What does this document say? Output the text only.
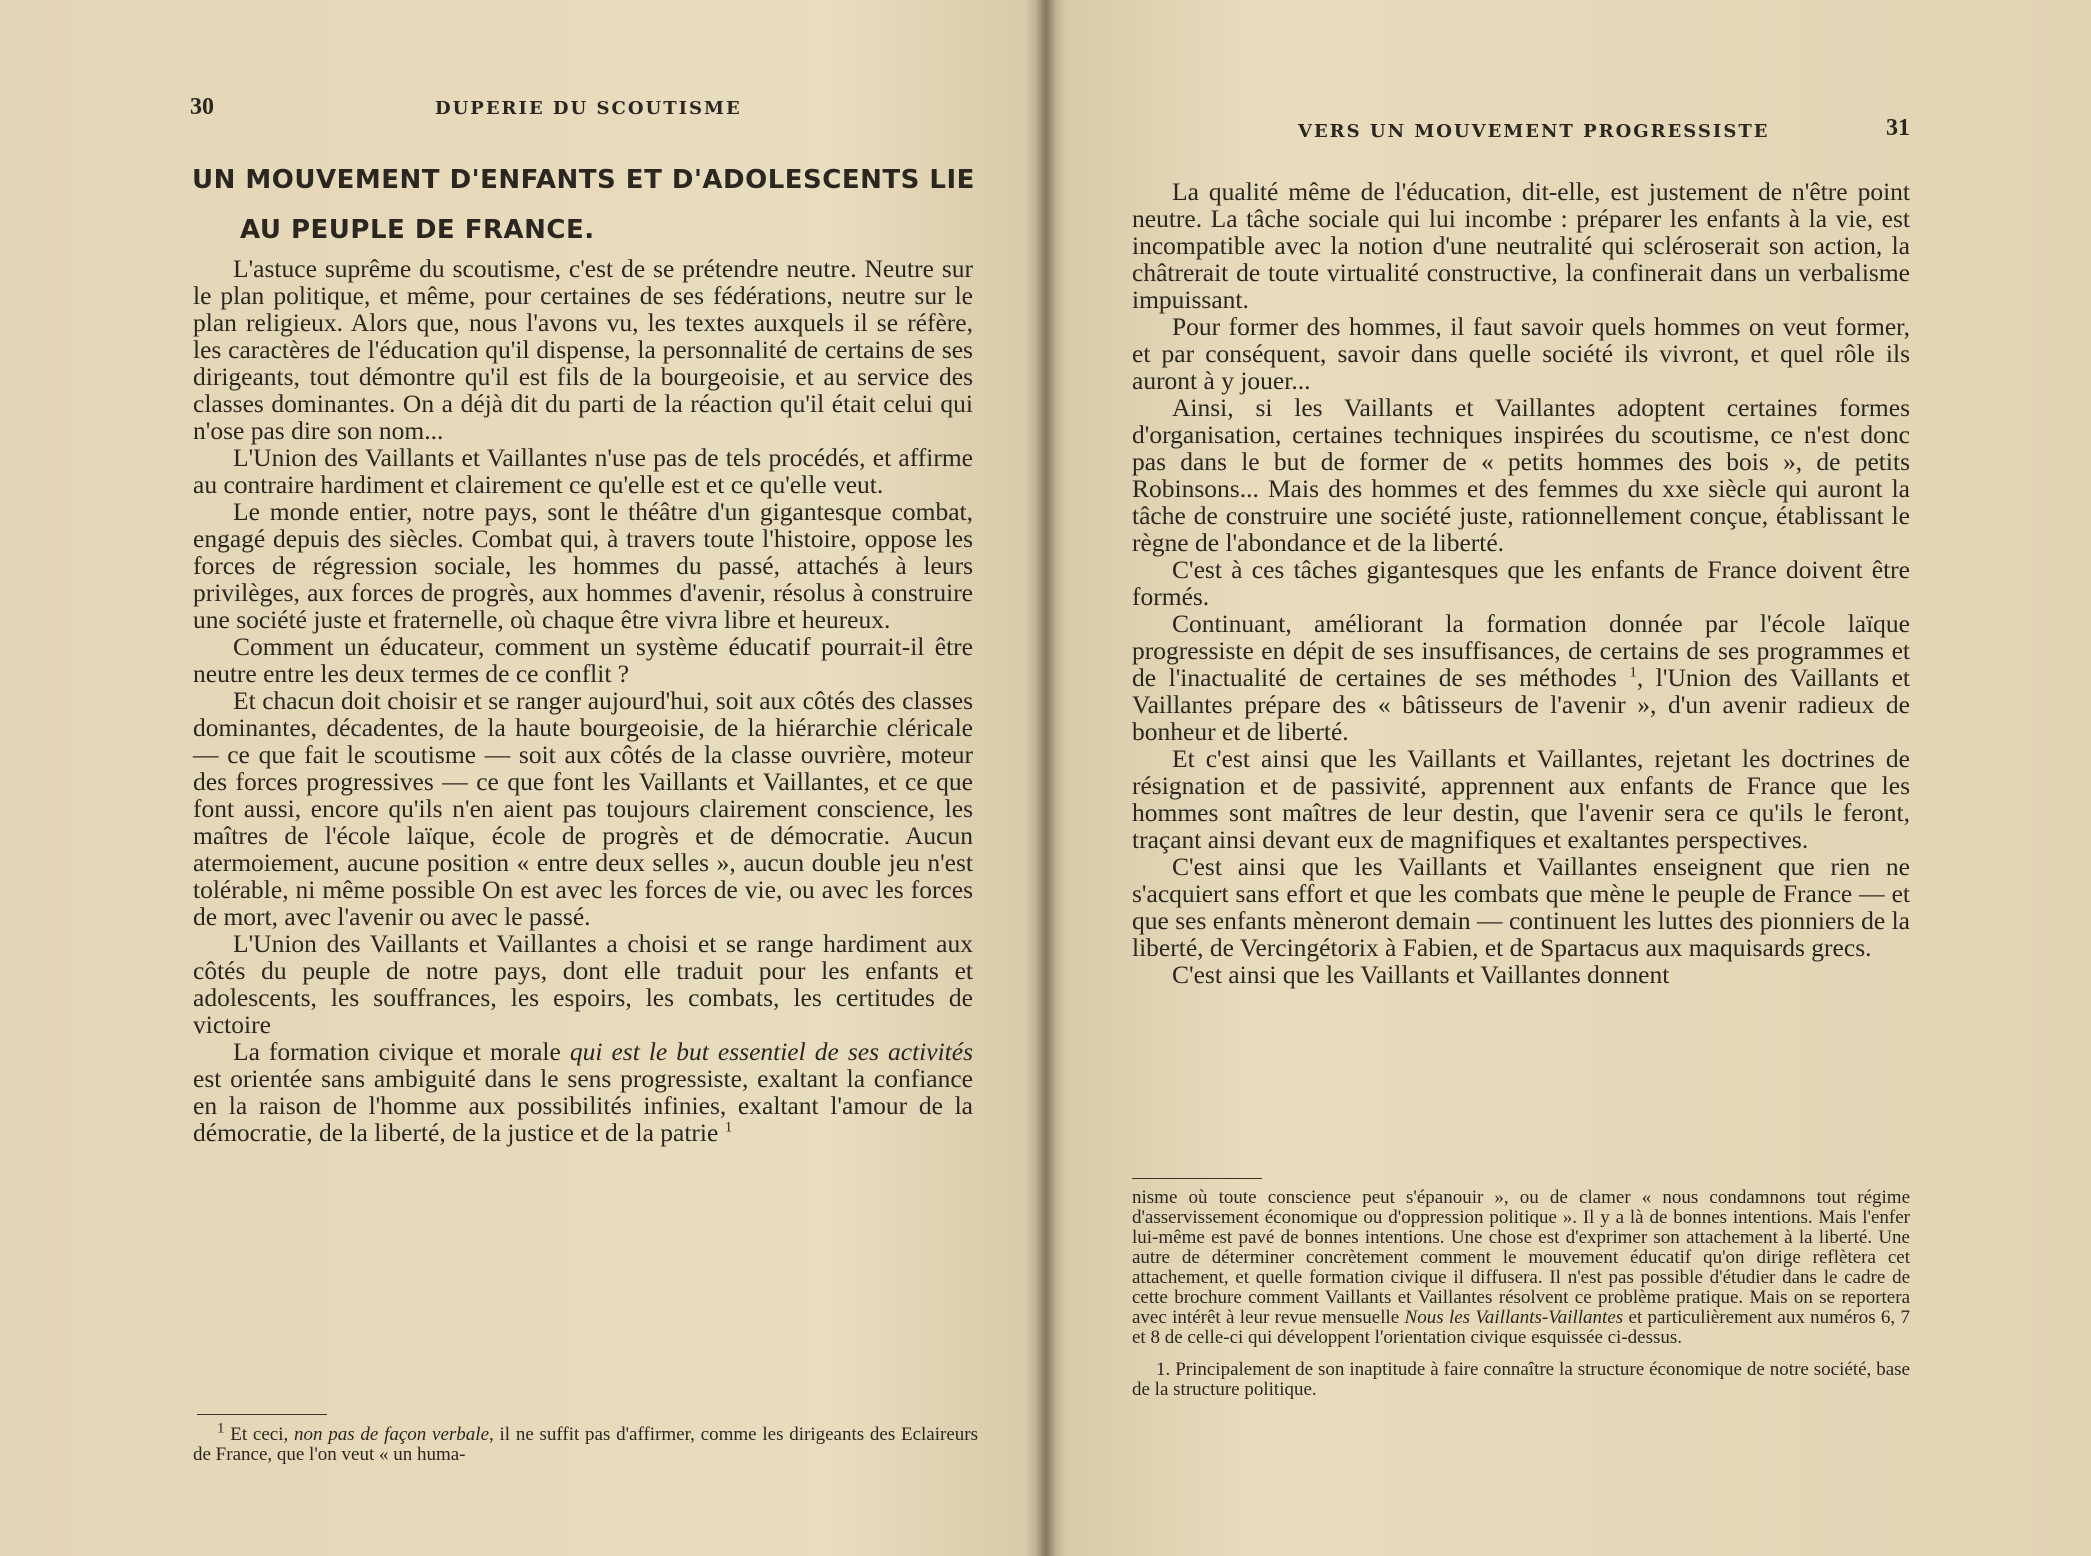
30	DUPERIE DU SCOUTISME
UN MOUVEMENT D'ENFANTS ET D'ADOLESCENTS LIE
AU PEUPLE DE FRANCE.

L'astuce suprême du scoutisme, c'est de se prétendre neutre. Neutre sur le plan politique, et même, pour certaines de ses fédérations, neutre sur le plan religieux. Alors que, nous l'avons vu, les textes auxquels il se réfère, les caractères de l'éducation qu'il dispense, la personnalité de certains de ses dirigeants, tout démontre qu'il est fils de la bourgeoisie, et au service des classes dominantes. On a déjà dit du parti de la réaction qu'il était celui qui n'ose pas dire son nom...

L'Union des Vaillants et Vaillantes n'use pas de tels procédés, et affirme au contraire hardiment et clairement ce qu'elle est et ce qu'elle veut.

Le monde entier, notre pays, sont le théâtre d'un gigantesque combat, engagé depuis des siècles. Combat qui, à travers toute l'histoire, oppose les forces de régression sociale, les hommes du passé, attachés à leurs privilèges, aux forces de progrès, aux hommes d'avenir, résolus à construire une société juste et fraternelle, où chaque être vivra libre et heureux.

Comment un éducateur, comment un système éducatif pourrait-il être neutre entre les deux termes de ce conflit ?

Et chacun doit choisir et se ranger aujourd'hui, soit aux côtés des classes dominantes, décadentes, de la haute bourgeoisie, de la hiérarchie cléricale — ce que fait le scoutisme — soit aux côtés de la classe ouvrière, moteur des forces progressives — ce que font les Vaillants et Vaillantes, et ce que font aussi, encore qu'ils n'en aient pas toujours clairement conscience, les maîtres de l'école laïque, école de progrès et de démocratie. Aucun atermoiement, aucune position « entre deux selles », aucun double jeu n'est tolérable, ni même possible On est avec les forces de vie, ou avec les forces de mort, avec l'avenir ou avec le passé.

L'Union des Vaillants et Vaillantes a choisi et se range hardiment aux côtés du peuple de notre pays, dont elle traduit pour les enfants et adolescents, les souffrances, les espoirs, les combats, les certitudes de victoire

La formation civique et morale qui est le but essentiel de ses activités est orientée sans ambiguité dans le sens progressiste, exaltant la confiance en la raison de l'homme aux possibilités infinies, exaltant l'amour de la démocratie, de la liberté, de la justice et de la patrie $^1$

$^1$ Et ceci, non pas de façon verbale, il ne suffit pas d'affirmer, comme les dirigeants des Eclaireurs de France, que l'on veut « un huma-

VERS UN MOUVEMENT PROGRESSISTE	31

La qualité même de l'éducation, dit-elle, est justement de n'être point neutre. La tâche sociale qui lui incombe : préparer les enfants à la vie, est incompatible avec la notion d'une neutralité qui scléroserait son action, la châtrerait de toute virtualité constructive, la confinerait dans un verbalisme impuissant.

Pour former des hommes, il faut savoir quels hommes on veut former, et par conséquent, savoir dans quelle société ils vivront, et quel rôle ils auront à y jouer...

Ainsi, si les Vaillants et Vaillantes adoptent certaines formes d'organisation, certaines techniques inspirées du scoutisme, ce n'est donc pas dans le but de former de « petits hommes des bois », de petits Robinsons... Mais des hommes et des femmes du xxe siècle qui auront la tâche de construire une société juste, rationnellement conçue, établissant le règne de l'abondance et de la liberté.

C'est à ces tâches gigantesques que les enfants de France doivent être formés.

Continuant, améliorant la formation donnée par l'école laïque progressiste en dépit de ses insuffisances, de certains de ses programmes et de l'inactualité de certaines de ses méthodes $^1$, l'Union des Vaillants et Vaillantes prépare des « bâtisseurs de l'avenir », d'un avenir radieux de bonheur et de liberté.

Et c'est ainsi que les Vaillants et Vaillantes, rejetant les doctrines de résignation et de passivité, apprennent aux enfants de France que les hommes sont maîtres de leur destin, que l'avenir sera ce qu'ils le feront, traçant ainsi devant eux de magnifiques et exaltantes perspectives.

C'est ainsi que les Vaillants et Vaillantes enseignent que rien ne s'acquiert sans effort et que les combats que mène le peuple de France — et que ses enfants mèneront demain — continuent les luttes des pionniers de la liberté, de Vercingétorix à Fabien, et de Spartacus aux maquisards grecs.

C'est ainsi que les Vaillants et Vaillantes donnent

nisme où toute conscience peut s'épanouir », ou de clamer « nous condamnons tout régime d'asservissement économique ou d'oppression politique ». Il y a là de bonnes intentions. Mais l'enfer lui-même est pavé de bonnes intentions. Une chose est d'exprimer son attachement à la liberté. Une autre de déterminer concrètement comment le mouvement éducatif qu'on dirige reflètera cet attachement, et quelle formation civique il diffusera. Il n'est pas possible d'étudier dans le cadre de cette brochure comment Vaillants et Vaillantes résolvent ce problème pratique. Mais on se reportera avec intérêt à leur revue mensuelle Nous les Vaillants-Vaillantes et particulièrement aux numéros 6, 7 et 8 de celle-ci qui développent l'orientation civique esquissée ci-dessus.

1. Principalement de son inaptitude à faire connaître la structure économique de notre société, base de la structure politique.
